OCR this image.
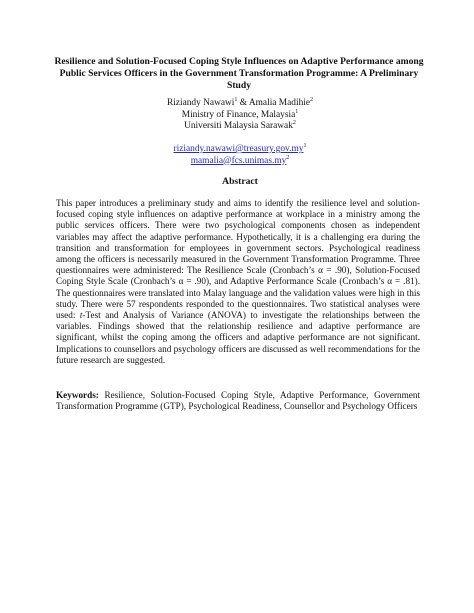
Resilience and Solution-Focused Coping Style Influences on Adaptive Performance among Public Services Officers in the Government Transformation Programme: A Preliminary Study
Riziandy Nawawi$^1$ & Amalia Madihie$^2$
Ministry of Finance, Malaysia$^1$
Universiti Malaysia Sarawak$^2$
$riziandy.nawawi@treasury.gov.my^1$
$mamalia@fcs.unimas.my^2$
Abstract
This paper introduces a preliminary study and aims to identify the resilience level and solution-focused coping style influences on adaptive performance at workplace in a ministry among the public services officers. There were two psychological components chosen as independent variables may affect the adaptive performance. Hypothetically, it is a challenging era during the transition and transformation for employees in government sectors. Psychological readiness among the officers is necessarily measured in the Government Transformation Programme. Three questionnaires were administered: The Resilience Scale (Cronbach’s α = .90), Solution-Focused Coping Style Scale (Cronbach’s α = .90), and Adaptive Performance Scale (Cronbach’s α = .81). The questionnaires were translated into Malay language and the validation values were high in this study. There were 57 respondents responded to the questionnaires. Two statistical analyses were used: t-Test and Analysis of Variance (ANOVA) to investigate the relationships between the variables. Findings showed that the relationship resilience and adaptive performance are significant, whilst the coping among the officers and adaptive performance are not significant. Implications to counsellors and psychology officers are discussed as well recommendations for the future research are suggested.
Keywords: Resilience, Solution-Focused Coping Style, Adaptive Performance, Government Transformation Programme (GTP), Psychological Readiness, Counsellor and Psychology Officers
